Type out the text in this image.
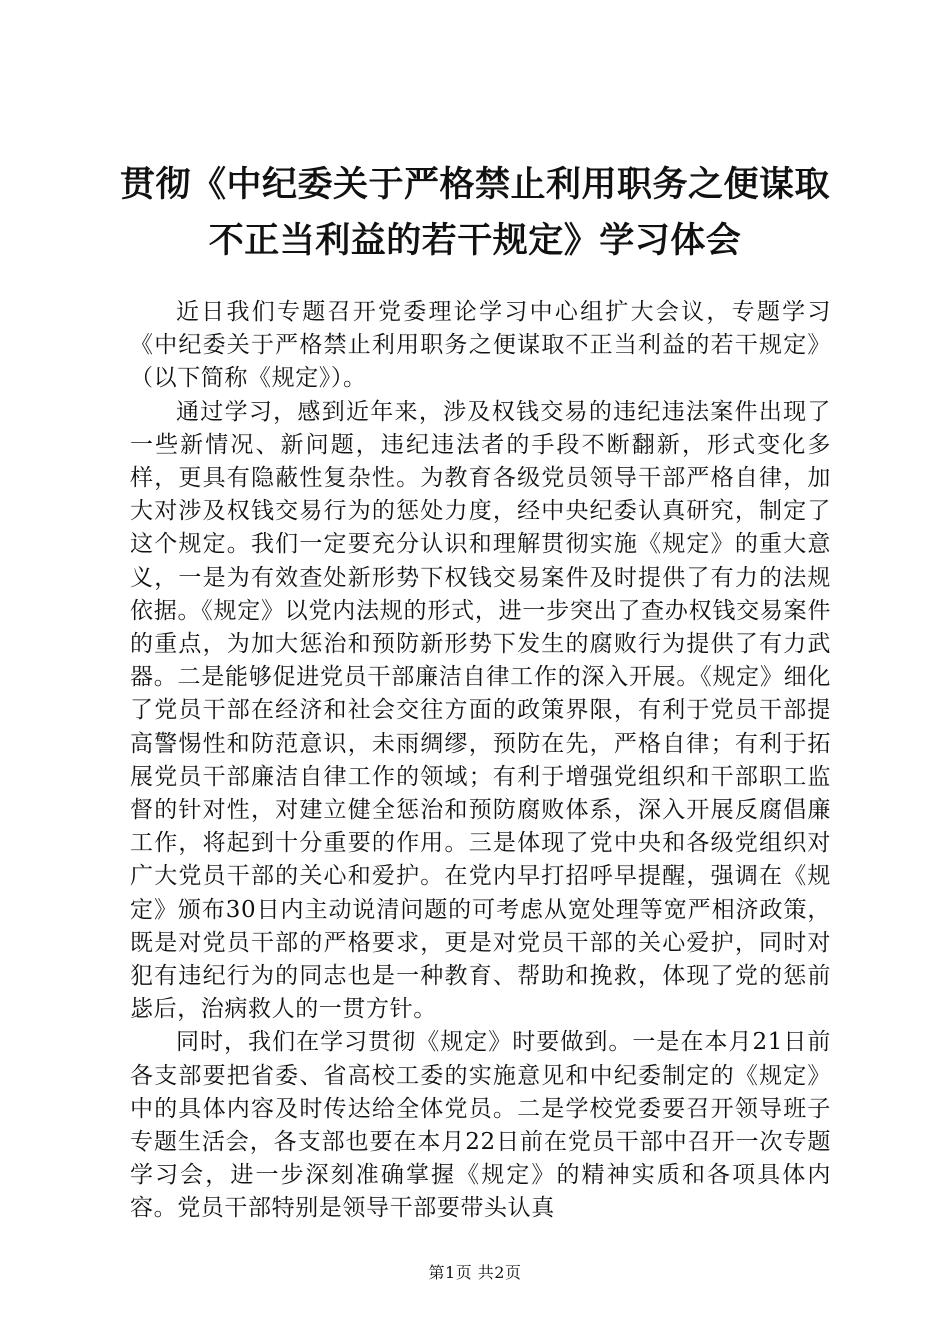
贯彻《中纪委关于严格禁止利用职务之便谋取
不正当利益的若干规定》学习体会

近日我们专题召开党委理论学习中心组扩大会议，专题学习《中纪委关于严格禁止利用职务之便谋取不正当利益的若干规定》（以下简称《规定》）。

通过学习，感到近年来，涉及权钱交易的违纪违法案件出现了一些新情况、新问题，违纪违法者的手段不断翻新，形式变化多样，更具有隐蔽性复杂性。为教育各级党员领导干部严格自律，加大对涉及权钱交易行为的惩处力度，经中央纪委认真研究，制定了这个规定。我们一定要充分认识和理解贯彻实施《规定》的重大意义，一是为有效查处新形势下权钱交易案件及时提供了有力的法规依据。《规定》以党内法规的形式，进一步突出了查办权钱交易案件的重点，为加大惩治和预防新形势下发生的腐败行为提供了有力武器。二是能够促进党员干部廉洁自律工作的深入开展。《规定》细化了党员干部在经济和社会交往方面的政策界限，有利于党员干部提高警惕性和防范意识，未雨绸缪，预防在先，严格自律；有利于拓展党员干部廉洁自律工作的领域；有利于增强党组织和干部职工监督的针对性，对建立健全惩治和预防腐败体系，深入开展反腐倡廉工作，将起到十分重要的作用。三是体现了党中央和各级党组织对广大党员干部的关心和爱护。在党内早打招呼早提醒，强调在《规定》颁布30日内主动说清问题的可考虑从宽处理等宽严相济政策，既是对党员干部的严格要求，更是对党员干部的关心爱护，同时对犯有违纪行为的同志也是一种教育、帮助和挽救，体现了党的惩前毖后，治病救人的一贯方针。

同时，我们在学习贯彻《规定》时要做到。一是在本月21日前各支部要把省委、省高校工委的实施意见和中纪委制定的《规定》中的具体内容及时传达给全体党员。二是学校党委要召开领导班子专题生活会，各支部也要在本月22日前在党员干部中召开一次专题学习会，进一步深刻准确掌握《规定》的精神实质和各项具体内容。党员干部特别是领导干部要带头认真

第1页 共2页
